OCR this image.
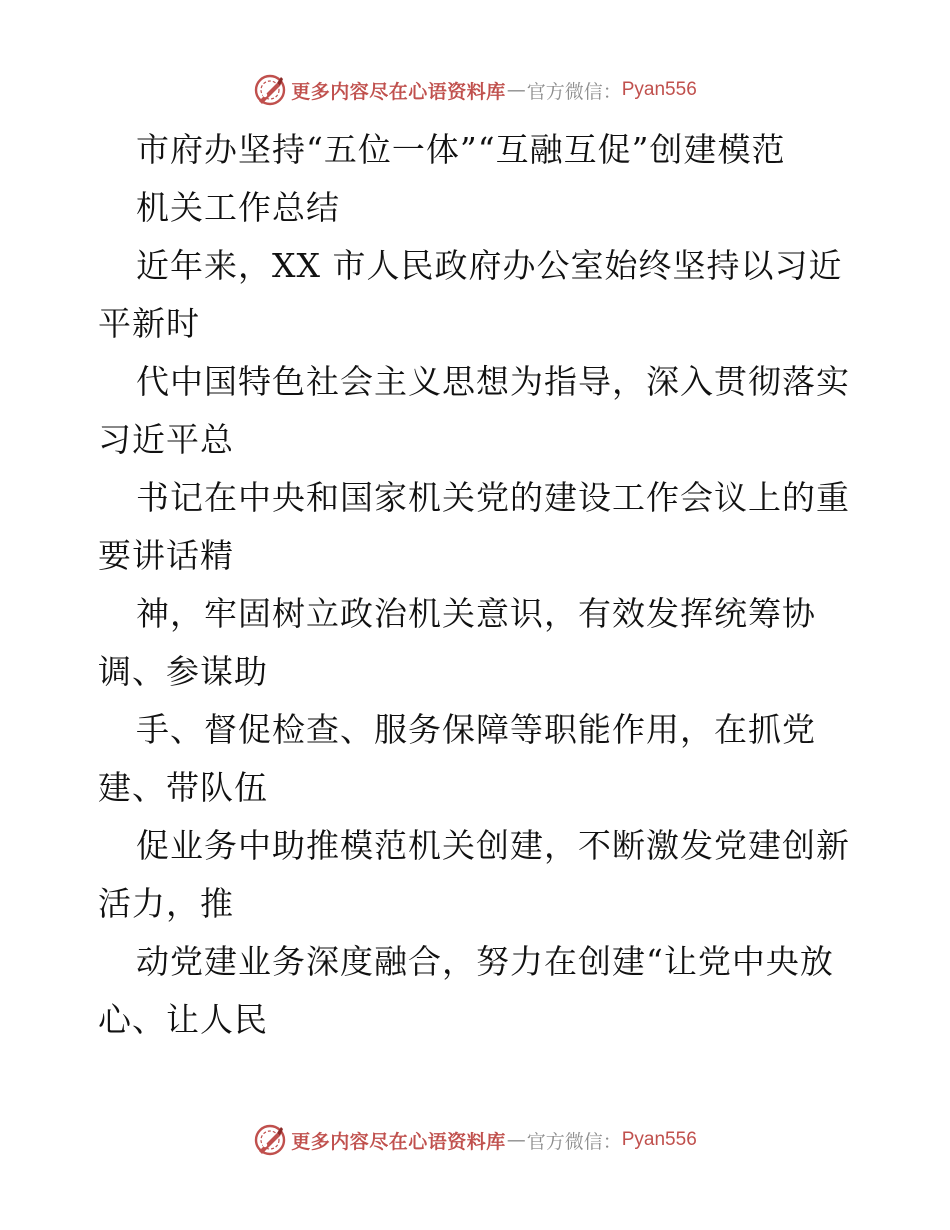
更多内容尽在心语资料库 — 官方微信： Pyan556
市府办坚持“五位一体”“互融互促”创建模范
机关工作总结
近年来，XX 市人民政府办公室始终坚持以习近
平新时
代中国特色社会主义思想为指导，深入贯彻落实
习近平总
书记在中央和国家机关党的建设工作会议上的重
要讲话精
神，牢固树立政治机关意识，有效发挥统筹协
调、参谋助
手、督促检查、服务保障等职能作用，在抓党
建、带队伍
促业务中助推模范机关创建，不断激发党建创新
活力，推
动党建业务深度融合，努力在创建“让党中央放
心、让人民
更多内容尽在心语资料库 — 官方微信： Pyan556
